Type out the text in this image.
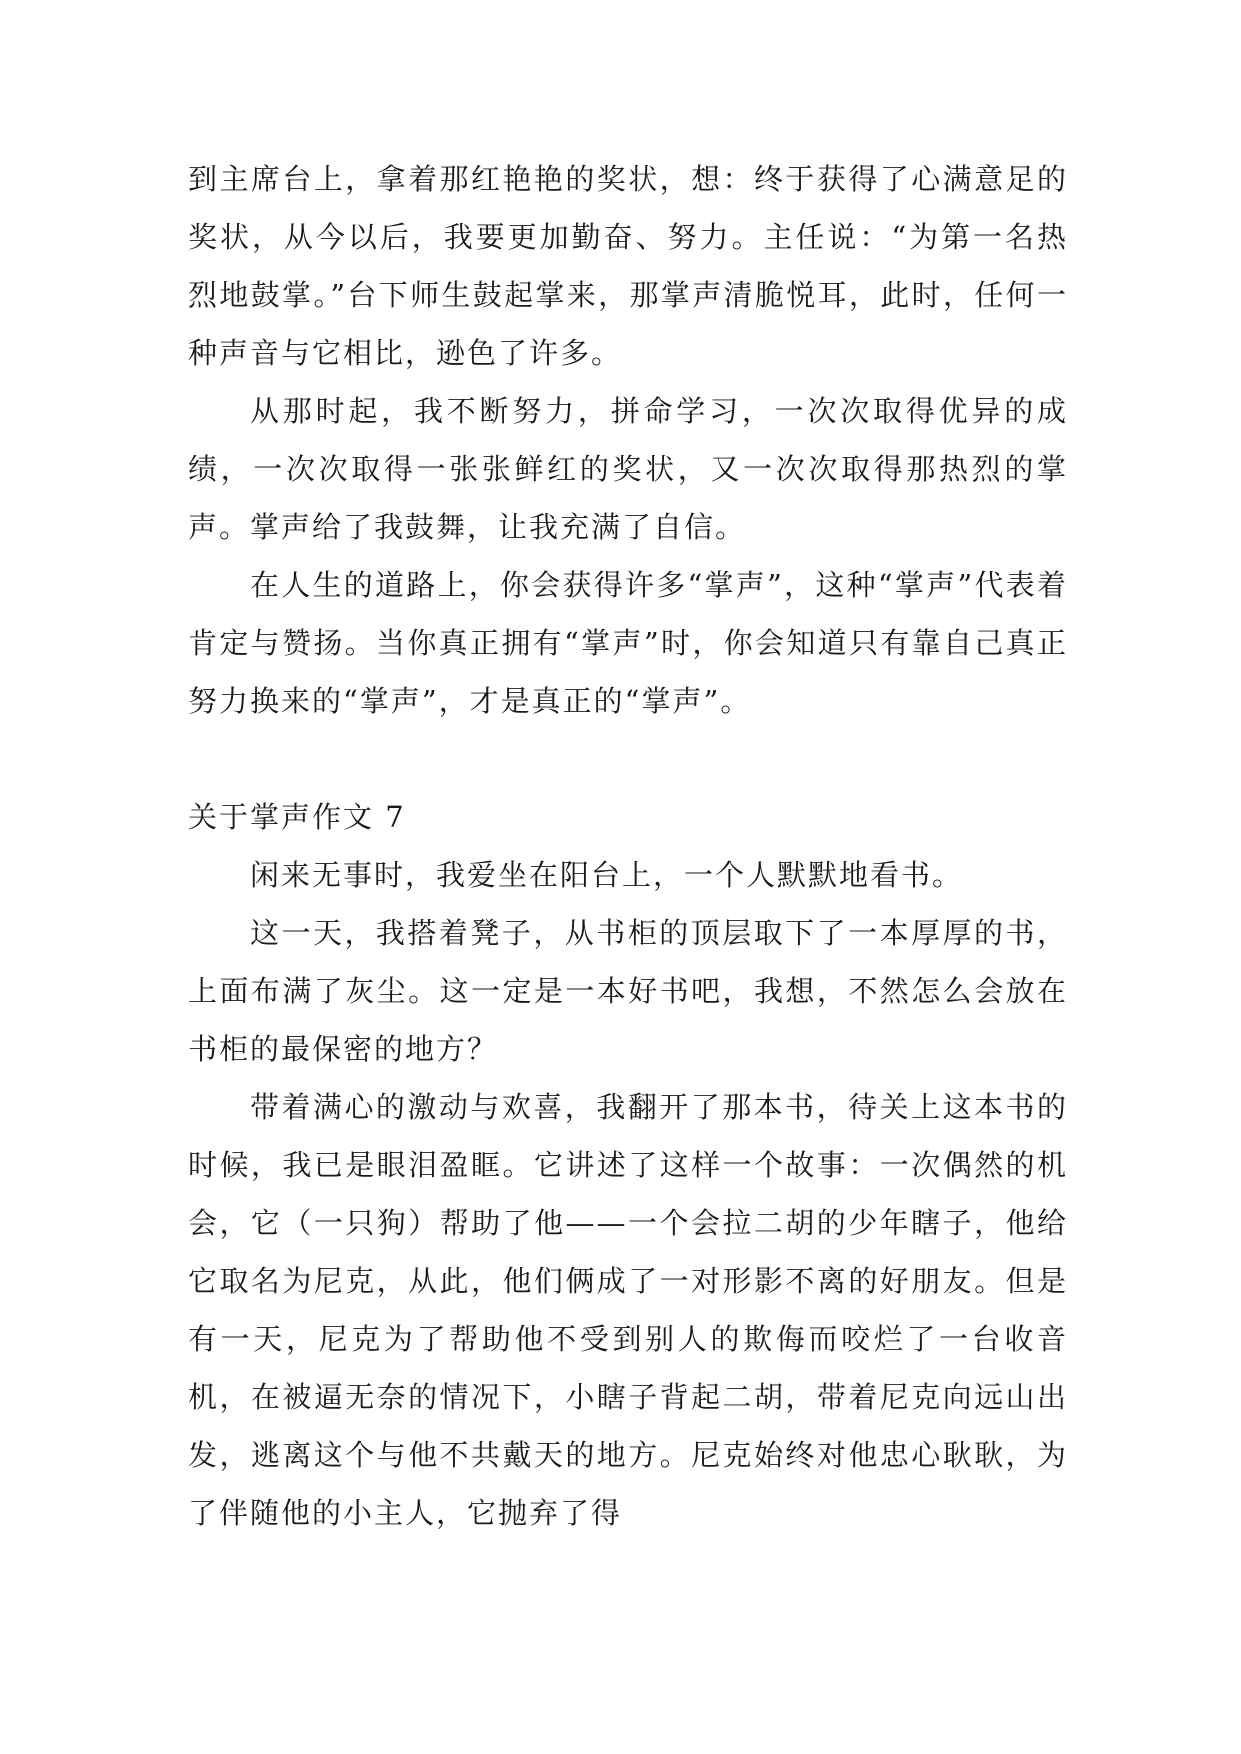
到主席台上，拿着那红艳艳的奖状，想：终于获得了心满意足的奖状，从今以后，我要更加勤奋、努力。主任说：“为第一名热烈地鼓掌。”台下师生鼓起掌来，那掌声清脆悦耳，此时，任何一种声音与它相比，逊色了许多。

从那时起，我不断努力，拼命学习，一次次取得优异的成绩，一次次取得一张张鲜红的奖状，又一次次取得那热烈的掌声。掌声给了我鼓舞，让我充满了自信。

在人生的道路上，你会获得许多“掌声”，这种“掌声”代表着肯定与赞扬。当你真正拥有“掌声”时，你会知道只有靠自己真正努力换来的“掌声”，才是真正的“掌声”。

关于掌声作文 7

闲来无事时，我爱坐在阳台上，一个人默默地看书。

这一天，我搭着凳子，从书柜的顶层取下了一本厚厚的书，上面布满了灰尘。这一定是一本好书吧，我想，不然怎么会放在书柜的最保密的地方？

带着满心的激动与欢喜，我翻开了那本书，待关上这本书的时候，我已是眼泪盈眶。它讲述了这样一个故事：一次偶然的机会，它（一只狗）帮助了他——一个会拉二胡的少年瞎子，他给它取名为尼克，从此，他们俩成了一对形影不离的好朋友。但是有一天，尼克为了帮助他不受到别人的欺侮而咬烂了一台收音机，在被逼无奈的情况下，小瞎子背起二胡，带着尼克向远山出发，逃离这个与他不共戴天的地方。尼克始终对他忠心耿耿，为了伴随他的小主人，它抛弃了得
